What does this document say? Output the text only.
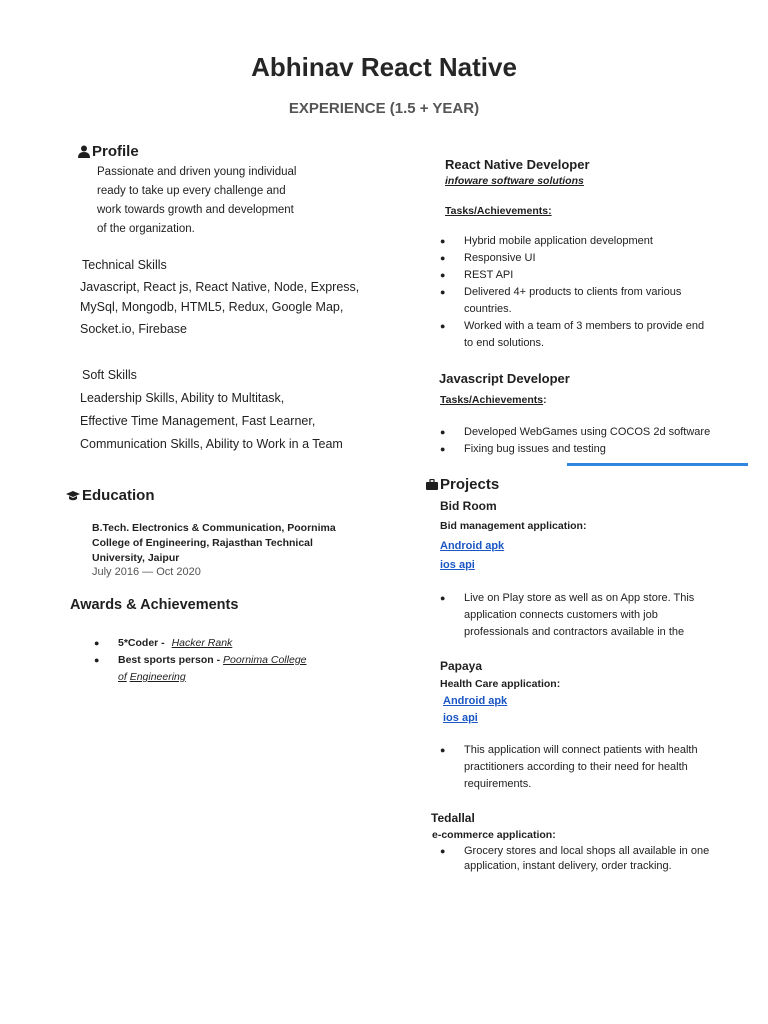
Abhinav React Native
EXPERIENCE (1.5 + YEAR)
Profile
Passionate and driven young individual
ready to take up every challenge and
work towards growth and development
of the organization.
Technical Skills
Javascript, React js, React Native, Node, Express,
MySql, Mongodb, HTML5, Redux, Google Map,
Socket.io, Firebase
Soft Skills
Leadership Skills, Ability to Multitask,
Effective Time Management, Fast Learner,
Communication Skills, Ability to Work in a Team
Education
B.Tech. Electronics & Communication, Poornima
College of Engineering, Rajasthan Technical
University, Jaipur
July 2016 — Oct 2020
Awards & Achievements
● 5*Coder - Hacker Rank
● Best sports person - Poornima College
of Engineering
React Native Developer
infoware software solutions
Tasks/Achievements:
● Hybrid mobile application development
● Responsive UI
● REST API
● Delivered 4+ products to clients from various countries.
● Worked with a team of 3 members to provide end to end solutions.
Javascript Developer
Tasks/Achievements:
● Developed WebGames using COCOS 2d software
● Fixing bug issues and testing
Projects
Bid Room
Bid management application:
Android apk
ios api
● Live on Play store as well as on App store. This application connects customers with job professionals and contractors available in the
Papaya
Health Care application:
Android apk
ios api
● This application will connect patients with health practitioners according to their need for health requirements.
Tedallal
e-commerce application:
● Grocery stores and local shops all available in one application, instant delivery, order tracking.
